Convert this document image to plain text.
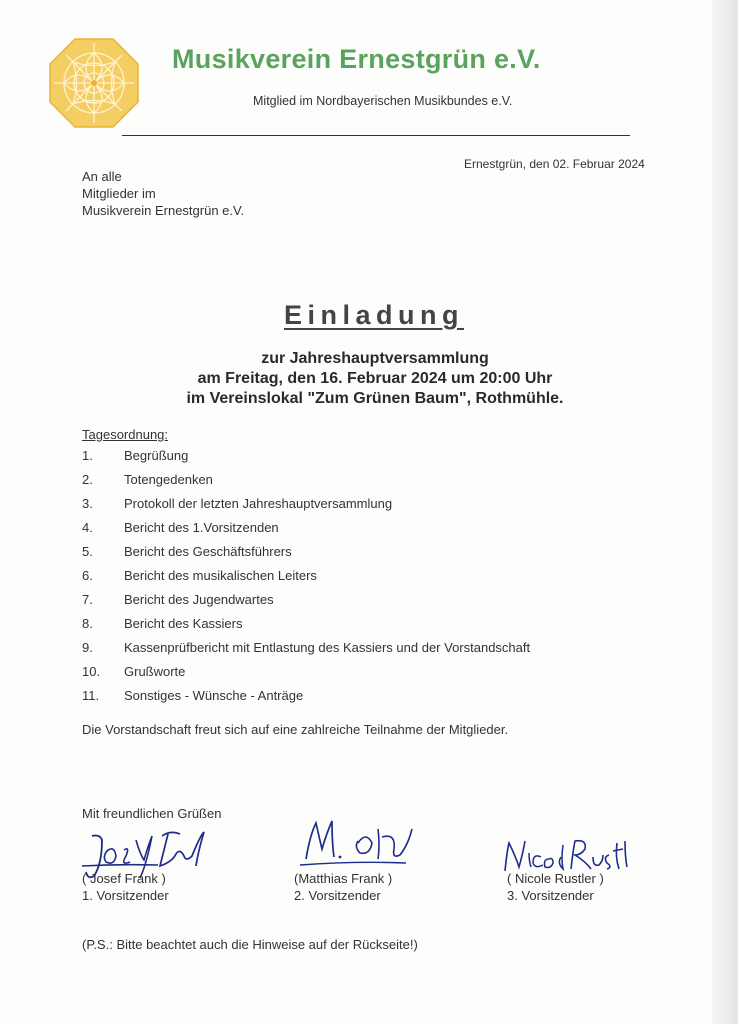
Musikverein Ernestgrün e.V.
Mitglied im Nordbayerischen Musikbundes e.V.
Ernestgrün, den 02. Februar 2024
An alle
Mitglieder im
Musikverein Ernestgrün e.V.
Einladung
zur Jahreshauptversammlung
am Freitag, den 16. Februar 2024 um 20:00 Uhr
im Vereinslokal "Zum Grünen Baum", Rothmühle.
Tagesordnung:
1. Begrüßung
2. Totengedenken
3. Protokoll der letzten Jahreshauptversammlung
4. Bericht des 1.Vorsitzenden
5. Bericht des Geschäftsführers
6. Bericht des musikalischen Leiters
7. Bericht des Jugendwartes
8. Bericht des Kassiers
9. Kassenprüfbericht mit Entlastung des Kassiers und der Vorstandschaft
10. Grußworte
11. Sonstiges - Wünsche - Anträge
Die Vorstandschaft freut sich auf eine zahlreiche Teilnahme der Mitglieder.
Mit freundlichen Grüßen
( Josef Frank )
1. Vorsitzender
(Matthias Frank )
2. Vorsitzender
( Nicole Rustler )
3. Vorsitzender
(P.S.: Bitte beachtet auch die Hinweise auf der Rückseite!)
